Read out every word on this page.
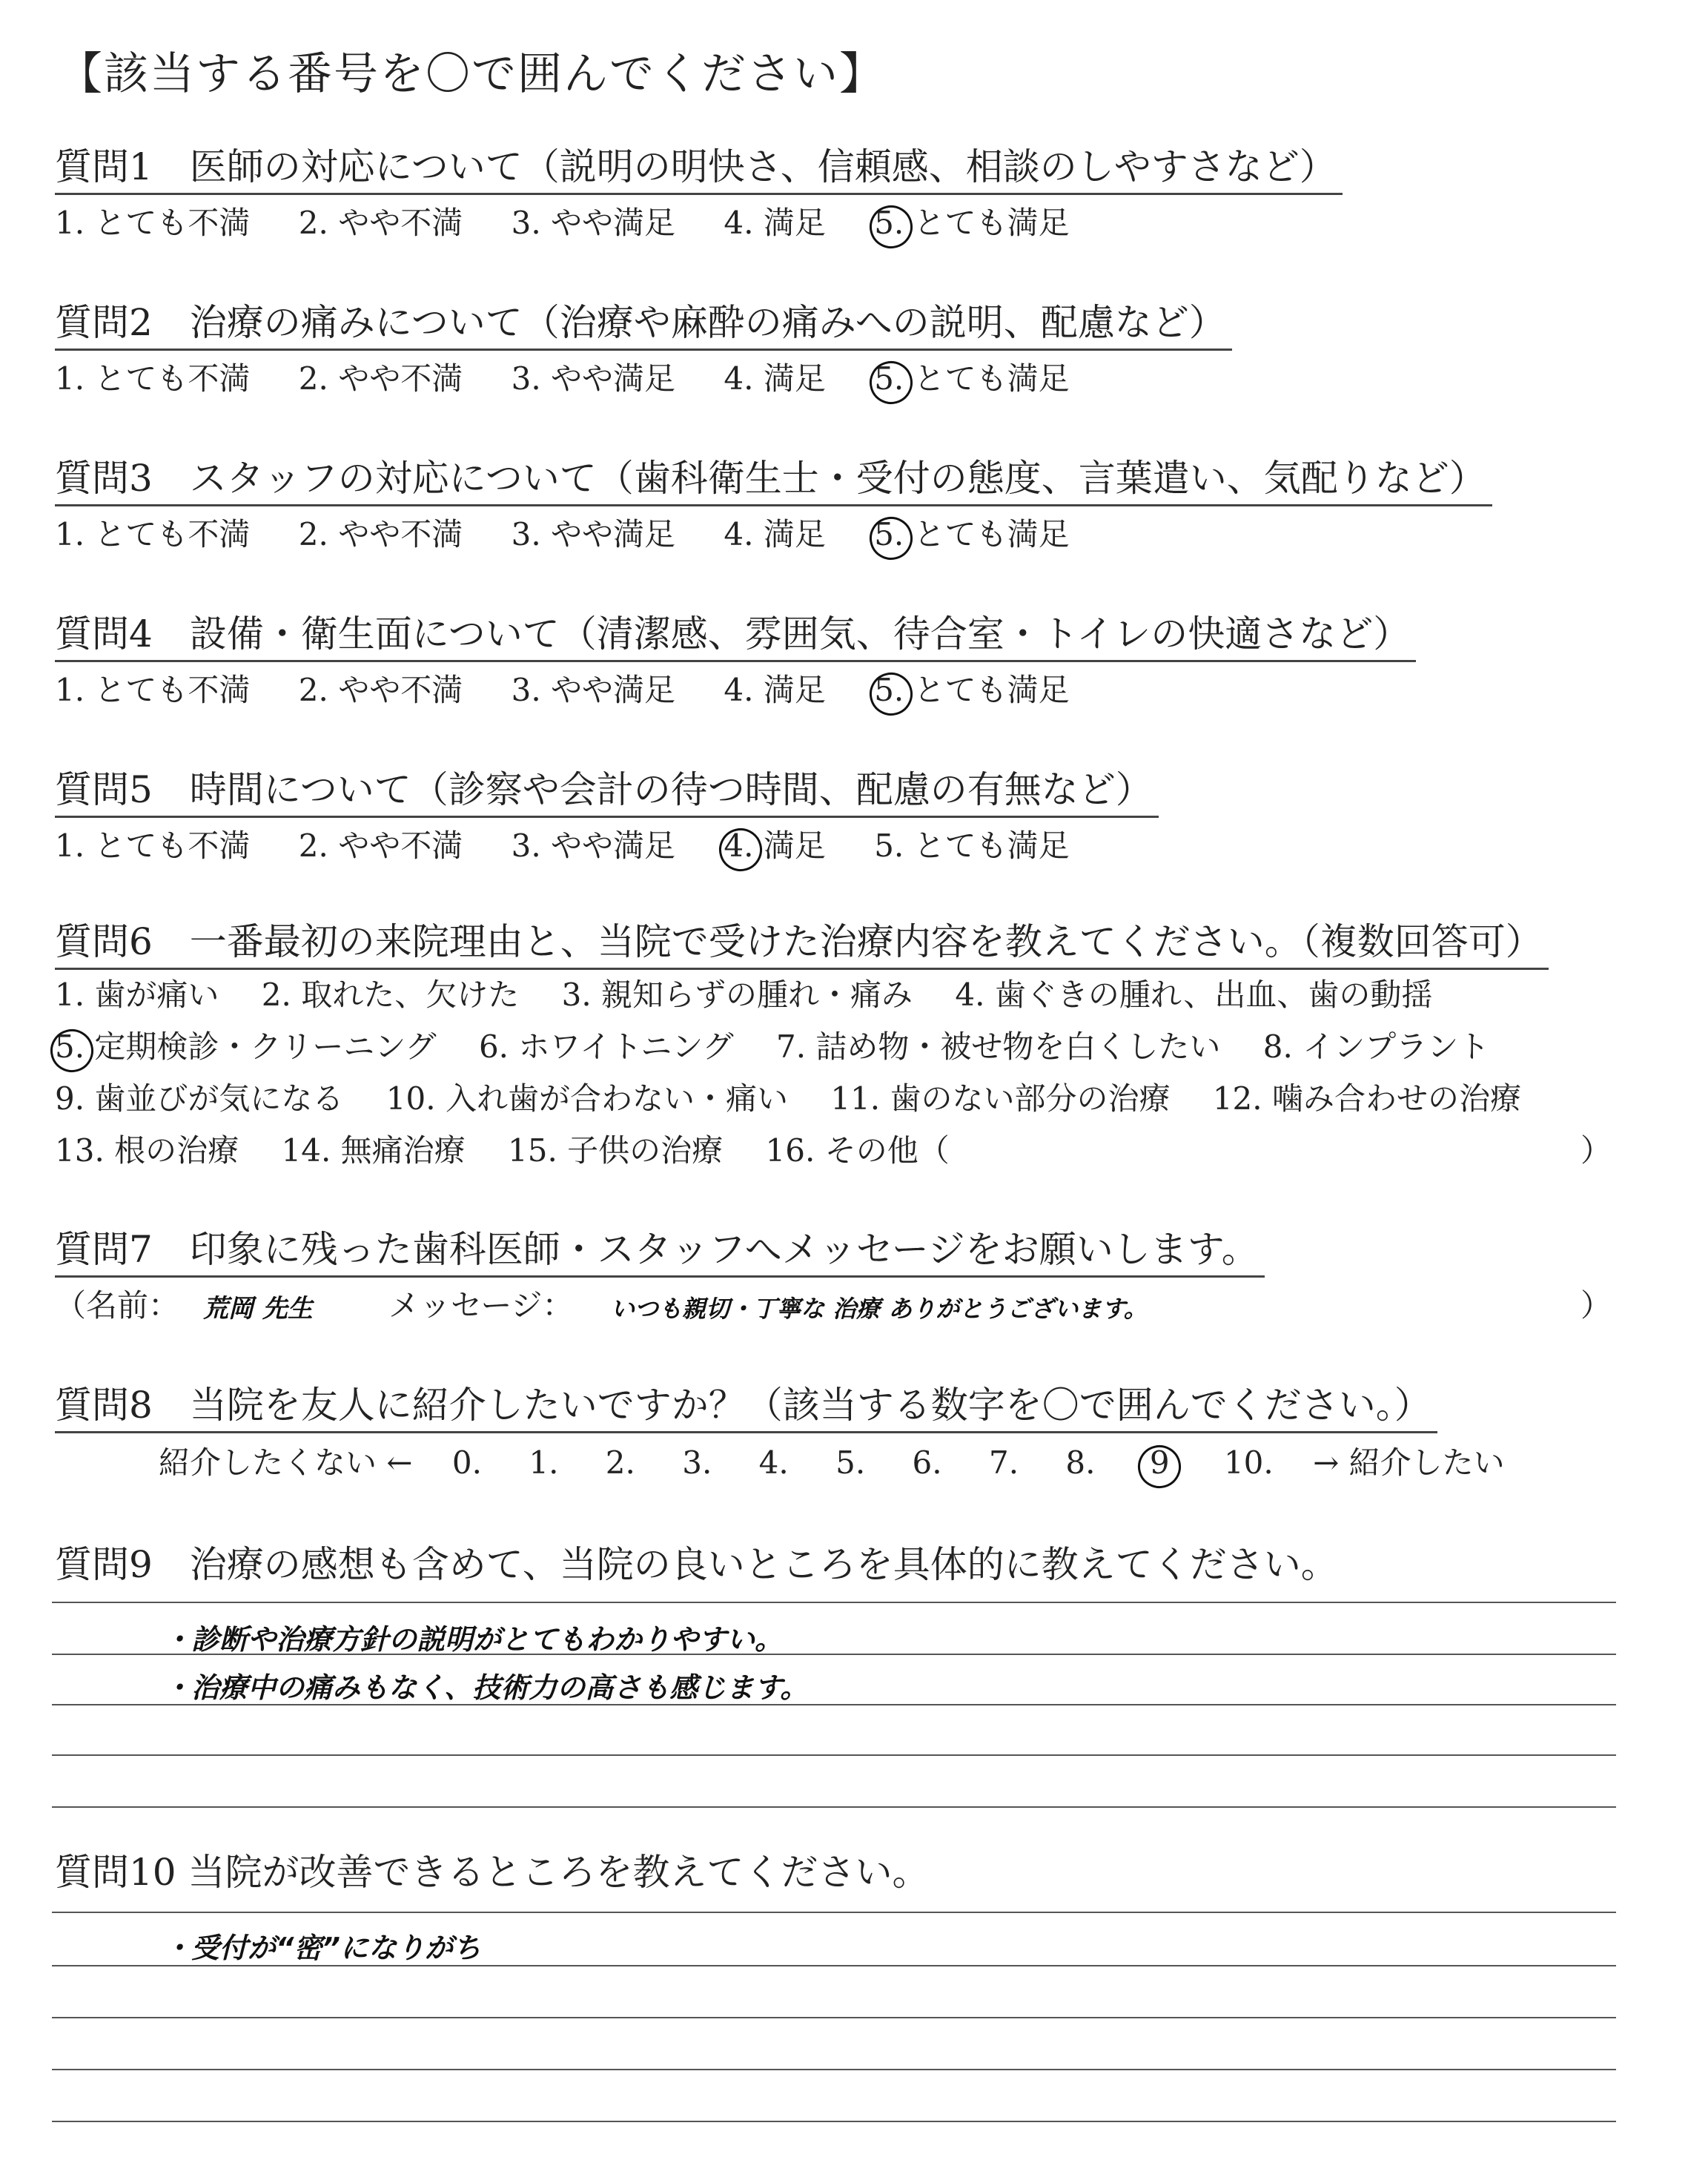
【該当する番号を〇で囲んでください】
質問1　医師の対応について（説明の明快さ、信頼感、相談のしやすさなど）
1. とても不満 2. やや不満 3. やや満足 4. 満足 5. とても満足
質問2　治療の痛みについて（治療や麻酔の痛みへの説明、配慮など）
1. とても不満 2. やや不満 3. やや満足 4. 満足 5. とても満足
質問3　スタッフの対応について（歯科衛生士・受付の態度、言葉遣い、気配りなど）
1. とても不満 2. やや不満 3. やや満足 4. 満足 5. とても満足
質問4　設備・衛生面について（清潔感、雰囲気、待合室・トイレの快適さなど）
1. とても不満 2. やや不満 3. やや満足 4. 満足 5. とても満足
質問5　時間について（診察や会計の待つ時間、配慮の有無など）
1. とても不満 2. やや不満 3. やや満足 4. 満足 5. とても満足
質問6　一番最初の来院理由と、当院で受けた治療内容を教えてください。（複数回答可）
1. 歯が痛い 2. 取れた、欠けた 3. 親知らずの腫れ・痛み 4. 歯ぐきの腫れ、出血、歯の動揺
5. 定期検診・クリーニング 6. ホワイトニング 7. 詰め物・被せ物を白くしたい 8. インプラント
9. 歯並びが気になる 10. 入れ歯が合わない・痛い 11. 歯のない部分の治療 12. 噛み合わせの治療
13. 根の治療 14. 無痛治療 15. 子供の治療 16. その他（	）
質問7　印象に残った歯科医師・スタッフへメッセージをお願いします。
（名前： 荒岡 先生 メッセージ： いつも親切・丁寧な 治療 ありがとうございます。	）
質問8　当院を友人に紹介したいですか？（該当する数字を〇で囲んでください。）
紹介したくない ← 0. 1. 2. 3. 4. 5. 6. 7. 8. 9 10. → 紹介したい
質問9　治療の感想も含めて、当院の良いところを具体的に教えてください。
・診断や治療方針の説明がとてもわかりやすい。
・治療中の痛みもなく、技術力の高さも感じます。
質問10 当院が改善できるところを教えてください。
・受付が“密”になりがち
